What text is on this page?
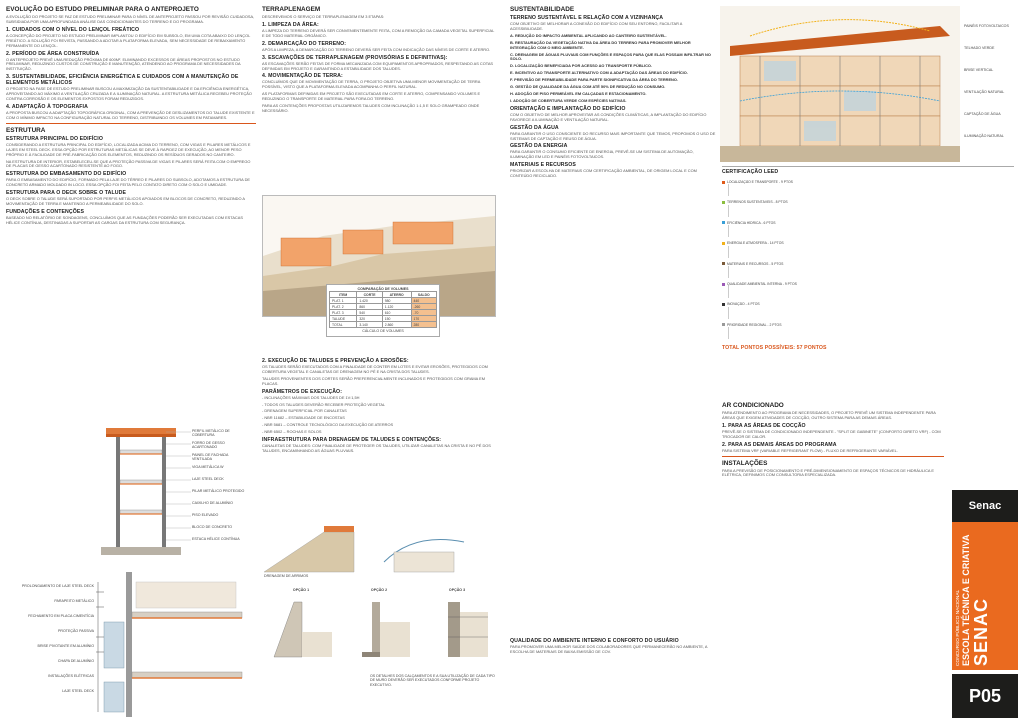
EVOLUÇÃO DO ESTUDO PRELIMINAR PARA O ANTEPROJETO
A EVOLUÇÃO DO PROJETO SE FAZ DE ESTUDO PRELIMINAR PARA O NÍVEL DE ANTEPROJETO PASSOU POR REVISÃO CUIDADOSA, SUBSIDIADA POR UMA APROFUNDADA ANÁLISE DAS CONDICIONANTES DO TERRENO E DO PROGRAMA.
1. CUIDADOS COM O NÍVEL DO LENÇOL FREÁTICO
A CONCEPÇÃO DO PROJETO NO ESTUDO PRELIMINAR IMPLANTOU O EDIFÍCIO EM SUBSOLO, EM UMA COTA ABAIXO DO LENÇOL FREÁTICO. A SOLUÇÃO FOI REVISTA, PASSANDO A ADOTAR A PLATAFORMA ELEVADA, SEM NECESSIDADE DE REBAIXAMENTO PERMANENTE DO LENÇOL.
2. PERÍODO DE ÁREA CONSTRUÍDA
O ANTEPROJETO PREVÊ UMA REDUÇÃO PRÓXIMA DE 600M². ELIMINANDO EXCESSOS DE ÁREAS PROPOSTOS NO ESTUDO PRELIMINAR, REDUZINDO CUSTOS DE CONSTRUÇÃO E MANUTENÇÃO, ATENDENDO AO PROGRAMA DE NECESSIDADES DA INSTITUIÇÃO.
3. SUSTENTABILIDADE, EFICIÊNCIA ENERGÉTICA E CUIDADOS COM A MANUTENÇÃO DE ELEMENTOS METÁLICOS
O PROJETO NA FASE DE ESTUDO PRELIMINAR BUSCOU A MAXIMIZAÇÃO DA SUSTENTABILIDADE E DA EFICIÊNCIA ENERGÉTICA, APROVEITANDO AO MÁXIMO A VENTILAÇÃO CRUZADA E A ILUMINAÇÃO NATURAL. A ESTRUTURA METÁLICA RECEBEU PROTEÇÃO CONTRA CORROSÃO E OS ELEMENTOS EXPOSTOS FORAM REDUZIDOS.
4. ADAPTAÇÃO À TOPOGRAFIA
A PROPOSTA BUSCOU A ADAPTAÇÃO TOPOGRÁFICA ORIGINAL, COM A PREVENÇÃO DE DESLIZAMENTOS DO TALUDE EXISTENTE E COM O MÍNIMO IMPACTO NA CONFIGURAÇÃO NATURAL DO TERRENO, DISTRIBUINDO OS VOLUMES EM PATAMARES.
ESTRUTURA
ESTRUTURA PRINCIPAL DO EDIFÍCIO
CONSIDERANDO A ESTRUTURA PRINCIPAL DO EDIFÍCIO, LOCALIZADA ACIMA DO TERRENO, COM VIGAS E PILARES METÁLICOS E LAJES EM STEEL DECK. ESSA OPÇÃO POR ESTRUTURAS METÁLICAS SE DEVE À RAPIDEZ DE EXECUÇÃO, AO MENOR PESO PRÓPRIO E À FACILIDADE DE PRÉ-FABRICAÇÃO DOS ELEMENTOS, REDUZINDO OS RESÍDUOS GERADOS NO CANTEIRO.
NA ESTRUTURA DE INTERIOR, ESTABELECEU-SE QUE A PROTEÇÃO PASSIVA DE VIGAS E PILARES SERÁ FEITA COM O EMPREGO DE PLACAS DE GESSO ACARTONADO RESISTENTE AO FOGO.
ESTRUTURA DO EMBASAMENTO DO EDIFÍCIO
PARA O EMBASAMENTO DO EDIFÍCIO, FORMADO PELA LAJE DO TÉRREO E PILARES DO SUBSOLO, ADOTAMOS A ESTRUTURA DE CONCRETO ARMADO MOLDADO IN LOCO. ESSA OPÇÃO FOI FEITA PELO CONTATO DIRETO COM O SOLO E UMIDADE.
ESTRUTURA PARA O DECK SOBRE O TALUDE
O DECK SOBRE O TALUDE SERÁ SUPORTADO POR PERFIS METÁLICOS APOIADOS EM BLOCOS DE CONCRETO, REDUZINDO A MOVIMENTAÇÃO DE TERRA E MANTENDO A PERMEABILIDADE DO SOLO.
FUNDAÇÕES E CONTENÇÕES
BASEADO NO RELATÓRIO DE SONDAGENS, CONCLUÍMOS QUE AS FUNDAÇÕES PODERÃO SER EXECUTADAS COM ESTACAS HÉLICE CONTÍNUA, DESTINADAS A SUPORTAR AS CARGAS DA ESTRUTURA COM SEGURANÇA.
PERFIL METÁLICO DE COBERTURA
FORRO DE GESSO ACARTONADO
PAINEL DE FACHADA VENTILADA
VIGA METÁLICA W
LAJE STEEL DECK
PILAR METÁLICO PROTEGIDO
CAIXILHO DE ALUMÍNIO
PISO ELEVADO
BLOCO DE CONCRETO
ESTACA HÉLICE CONTÍNUA
PROLONGAMENTO DE LAJE STEEL DECK
PARAPEITO METÁLICO
FECHAMENTO EM PLACA CIMENTÍCIA
PROTEÇÃO PASSIVA
BRISE PIVOTANTE EM ALUMÍNIO
CHAPA DE ALUMÍNIO
INSTALAÇÕES ELÉTRICAS
LAJE STEEL DECK
TERRAPLENAGEM
DESCREVEMOS O SERVIÇO DE TERRAPLENAGEM EM 3 ETAPAS:
1. LIMPEZA DA ÁREA:
A LIMPEZA DO TERRENO DEVERÁ SER CONVENIENTEMENTE FEITA, COM A REMOÇÃO DA CAMADA VEGETAL SUPERFICIAL E DE TODO MATERIAL ORGÂNICO.
2. DEMARCAÇÃO DO TERRENO:
APÓS A LIMPEZA, A DEMARCAÇÃO DO TERRENO DEVERÁ SER FEITA COM INDICAÇÃO DAS NÍVEIS DE CORTE E ATERRO.
3. ESCAVAÇÕES DE TERRAPLENAGEM (PROVISÓRIAS E DEFINITIVAS):
AS ESCAVAÇÕES SERÃO FEITAS DE FORMA MECANIZADA COM EQUIPAMENTOS APROPRIADOS, RESPEITANDO AS COTAS DEFINIDAS EM PROJETO E GARANTINDO A ESTABILIDADE DOS TALUDES.
4. MOVIMENTAÇÃO DE TERRA:
CONCLUÍMOS QUE DE MOVIMENTAÇÃO DE TERRA, O PROJETO OBJETIVA UMA MENOR MOVIMENTAÇÃO DE TERRA POSSÍVEL, VISTO QUE A PLATAFORMA ELEVADA ACOMPANHA O PERFIL NATURAL.
AS PLATAFORMAS DEFINIDAS EM PROJETO SÃO EXECUTADAS EM CORTE E ATERRO, COMPENSANDO VOLUMES E REDUZINDO O TRANSPORTE DE MATERIAL PARA FORA DO TERRENO.
PARA AS CONTENÇÕES PROPOSTAS UTILIZAREMOS TALUDES COM INCLINAÇÃO 1:1,5 E SOLO GRAMPEADO ONDE NECESSÁRIO.
COMPARAÇÃO DE VOLUMES
ITEM	CORTE	ATERRO	SALDO
PLAT. 1	1.420	980	440
PLAT. 2	860	1.120	-260
PLAT. 3	540	610	-70
TALUDE	320	150	170
TOTAL	3.140	2.860	280
CÁLCULO DE VOLUMES
2. EXECUÇÃO DE TALUDES E PREVENÇÃO A EROSÕES:
OS TALUDES SERÃO EXECUTADOS COM A FINALIDADE DE CONTER EM LOTES E EVITAR EROSÕES, PROTEGIDOS COM COBERTURA VEGETAL E CANALETAS DE DRENAGEM NO PÉ E NA CRISTA DOS TALUDES.
TALUDES PROVENIENTES DOS CORTES SERÃO PREFERENCIALMENTE INCLINADOS E PROTEGIDOS COM GRAMA EM PLACAS.
PARÂMETROS DE EXECUÇÃO:
- INCLINAÇÕES MÁXIMAS DOS TALUDES DE 1V:1,5H
- TODOS OS TALUDES DEVERÃO RECEBER PROTEÇÃO VEGETAL
- DRENAGEM SUPERFICIAL POR CANALETAS
- NBR 11682 – ESTABILIDADE DE ENCOSTAS
- NBR 5681 – CONTROLE TECNOLÓGICO DA EXECUÇÃO DE ATERROS
- NBR 6502 – ROCHAS E SOLOS
INFRAESTRUTURA PARA DRENAGEM DE TALUDES E CONTENÇÕES:
CANALETAS DE TALUDES: COM FINALIDADE DE PROTEGER OS TALUDES, UTILIZAR CANALETAS NA CRISTA E NO PÉ DOS TALUDES, ENCAMINHANDO AS ÁGUAS PLUVIAIS.
DRENAGEM DE ARRIMOS
OPÇÃO 1	OPÇÃO 2	OPÇÃO 3
OS DETALHES DOS CALÇAMENTOS E A SUA UTILIZAÇÃO DE CADA TIPO DE MURO DEVERÃO SER EXECUTADOS CONFORME PROJETO EXECUTIVO.
SUSTENTABILIDADE
TERRENO SUSTENTÁVEL E RELAÇÃO COM A VIZINHANÇA
COM OBJETIVO DE MELHORAR A CONEXÃO DO EDIFÍCIO COM SEU ENTORNO, FACILITAR A ACESSIBILIDADE.
A. REDUÇÃO DO IMPACTO AMBIENTAL APLICANDO AO CANTEIRO SUSTENTÁVEL.
B. RESTAURAÇÃO DA VEGETAÇÃO NATIVA DA ÁREA DO TERRENO PARA PROMOVER MELHOR INTEGRAÇÃO COM O MEIO AMBIENTE.
C. DRENAGEM DE ÁGUAS PLUVIAIS COM FUNÇÕES E ESPAÇOS PARA QUE ELAS POSSAM INFILTRAR NO SOLO.
D. LOCALIZAÇÃO BENEFICIADA POR ACESSO AO TRANSPORTE PÚBLICO.
E. INCENTIVO AO TRANSPORTE ALTERNATIVO COM A ADAPTAÇÃO DAS ÁREAS DO EDIFÍCIO.
F. PREVISÃO DE PERMEABILIDADE PARA PARTE SIGNIFICATIVA DA ÁREA DO TERRENO.
G. GESTÃO DE QUALIDADE DA ÁGUA COM ATÉ 50% DE REDUÇÃO NO CONSUMO.
H. ADOÇÃO DE PISO PERMEÁVEL EM CALÇADAS E ESTACIONAMENTO.
I. ADOÇÃO DE COBERTURA VERDE COM ESPÉCIES NATIVAS.
ORIENTAÇÃO E IMPLANTAÇÃO DO EDIFÍCIO
COM O OBJETIVO DE MELHOR APROVEITAR AS CONDIÇÕES CLIMÁTICAS, A IMPLANTAÇÃO DO EDIFÍCIO FAVORECE A ILUMINAÇÃO E VENTILAÇÃO NATURAL.
GESTÃO DA ÁGUA
PARA GARANTIR O USO CONSCIENTE DO RECURSO MAIS IMPORTANTE QUE TEMOS, PROPOMOS O USO DE SISTEMAS DE CAPTAÇÃO E REUSO DE ÁGUA.
GESTÃO DA ENERGIA
PARA GARANTIR O CONSUMO EFICIENTE DE ENERGIA, PREVÊ-SE UM SISTEMA DE AUTOMAÇÃO, ILUMINAÇÃO EM LED E PAINÉIS FOTOVOLTAICOS.
MATERIAIS E RECURSOS
PRIORIZAR A ESCOLHA DE MATERIAIS COM CERTIFICAÇÃO AMBIENTAL, DE ORIGEM LOCAL E COM CONTEÚDO RECICLADO.
QUALIDADE DO AMBIENTE INTERNO E CONFORTO DO USUÁRIO
PARA PROMOVER UMA MELHOR SAÚDE DOS COLABORADORES QUE PERMANECERÃO NO AMBIENTE, A ESCOLHA DE MATERIAIS DE BAIXA EMISSÃO DE COV.
PAINÉIS FOTOVOLTAICOS
TELHADO VERDE
BRISE VERTICAL
VENTILAÇÃO NATURAL
CAPTAÇÃO DE ÁGUA
ILUMINAÇÃO NATURAL
CERTIFICAÇÃO LEED
LOCALIZAÇÃO E TRANSPORTE - 9 PTOS
TERRENOS SUSTENTÁVEIS - 8 PTOS
EFICIÊNCIA HÍDRICA - 6 PTOS
ENERGIA E ATMOSFERA - 14 PTOS
MATERIAIS E RECURSOS - 5 PTOS
QUALIDADE AMBIENTAL INTERNA - 9 PTOS
INOVAÇÃO - 4 PTOS
PRIORIDADE REGIONAL - 2 PTOS
TOTAL PONTOS POSSÍVEIS: 57 PONTOS
AR CONDICIONADO
PARA ATENDIMENTO AO PROGRAMA DE NECESSIDADES, O PROJETO PREVÊ UM SISTEMA INDEPENDENTE PARA ÁREAS QUE EXIGEM ATIVIDADES DE COCÇÃO, OUTRO SISTEMA PARA AS DEMAIS ÁREAS.
1. PARA AS ÁREAS DE COCÇÃO
PREVÊ-SE O SISTEMA DE CONDICIONADO INDEPENDENTE - "SPLIT DE GABINETE" (CONFORTO DIRETO VRF) - COM TROCADOR DE CALOR.
2. PARA AS DEMAIS ÁREAS DO PROGRAMA
PARA SISTEMA VRF (VARIABLE REFRIGERANT FLOW) - FLUXO DE REFRIGERANTE VARIÁVEL.
INSTALAÇÕES
PARA A PREVISÃO DE POSICIONAMENTO E PRÉ-DIMENSIONAMENTO DE ESPAÇOS TÉCNICOS DE HIDRÁULICA E ELÉTRICA, DEFINIMOS COM CONSULTORIA ESPECIALIZADA.
Senac
CONCURSO PÚBLICO NACIONAL ESCOLA TÉCNICA E CRIATIVA SENAC
P05
